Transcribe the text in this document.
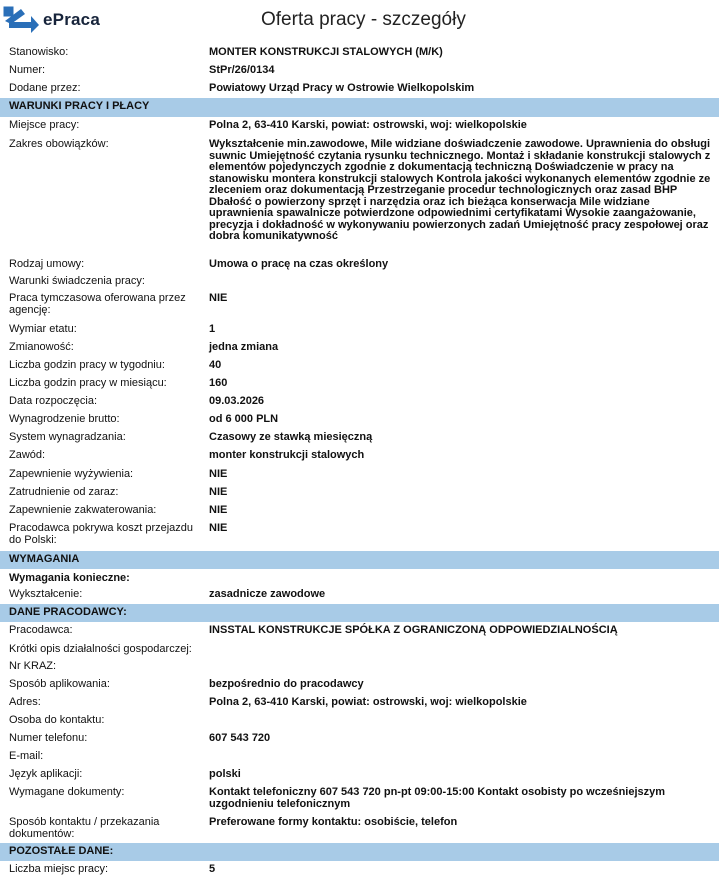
ePraca	Oferta pracy - szczegóły
Stanowisko:	MONTER KONSTRUKCJI STALOWYCH (M/K)
Numer:	StPr/26/0134
Dodane przez:	Powiatowy Urząd Pracy w Ostrowie Wielkopolskim
WARUNKI PRACY I PŁACY
Miejsce pracy:	Polna 2, 63-410 Karski, powiat: ostrowski, woj: wielkopolskie
Zakres obowiązków:	Wykształcenie min.zawodowe, Mile widziane doświadczenie zawodowe. Uprawnienia do obsługi suwnic Umiejętność czytania rysunku technicznego. Montaż i składanie konstrukcji stalowych z elementów pojedynczych zgodnie z dokumentacją techniczną Doświadczenie w pracy na stanowisku montera konstrukcji stalowych Kontrola jakości wykonanych elementów zgodnie ze zleceniem oraz dokumentacją Przestrzeganie procedur technologicznych oraz zasad BHP Dbałość o powierzony sprzęt i narzędzia oraz ich bieżąca konserwacja Mile widziane uprawnienia spawalnicze potwierdzone odpowiednimi certyfikatami Wysokie zaangażowanie, precyzja i dokładność w wykonywaniu powierzonych zadań Umiejętność pracy zespołowej oraz dobra komunikatywność
Rodzaj umowy:	Umowa o pracę na czas określony
Warunki świadczenia pracy:
Praca tymczasowa oferowana przez agencję:
NIE
Wymiar etatu:	1
Zmianowość:	jedna zmiana
Liczba godzin pracy w tygodniu:	40
Liczba godzin pracy w miesiącu:	160
Data rozpoczęcia:	09.03.2026
Wynagrodzenie brutto:	od 6 000 PLN
System wynagradzania:	Czasowy ze stawką miesięczną
Zawód:	monter konstrukcji stalowych
Zapewnienie wyżywienia:	NIE
Zatrudnienie od zaraz:	NIE
Zapewnienie zakwaterowania:	NIE
Pracodawca pokrywa koszt przejazdu do Polski:
NIE
WYMAGANIA
Wymagania konieczne:
Wykształcenie:	zasadnicze zawodowe
DANE PRACODAWCY:
Pracodawca:	INSSTAL KONSTRUKCJE SPÓŁKA Z OGRANICZONĄ ODPOWIEDZIALNOŚCIĄ
Krótki opis działalności gospodarczej:
Nr KRAZ:
Sposób aplikowania:	bezpośrednio do pracodawcy
Adres:	Polna 2, 63-410 Karski, powiat: ostrowski, woj: wielkopolskie
Osoba do kontaktu:
Numer telefonu:	607 543 720
E-mail:
Język aplikacji:	polski
Wymagane dokumenty:	Kontakt telefoniczny 607 543 720 pn-pt 09:00-15:00 Kontakt osobisty po wcześniejszym uzgodnieniu telefonicznym
Sposób kontaktu / przekazania dokumentów:
Preferowane formy kontaktu: osobiście, telefon
POZOSTAŁE DANE:
Liczba miejsc pracy:	5
